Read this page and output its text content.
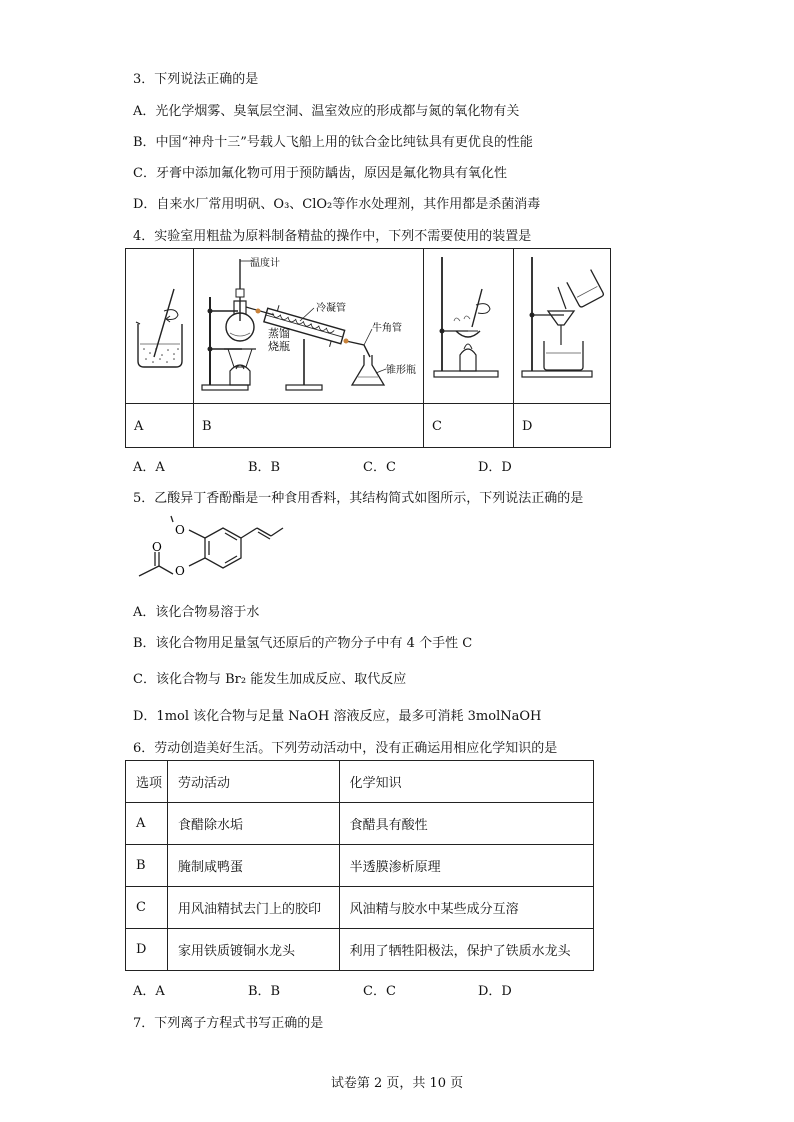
3．下列说法正确的是
A．光化学烟雾、臭氧层空洞、温室效应的形成都与氮的氧化物有关
B．中国“神舟十三”号载人飞船上用的钛合金比纯钛具有更优良的性能
C．牙膏中添加氟化物可用于预防龋齿，原因是氟化物具有氧化性
D．自来水厂常用明矾、O₃、ClO₂等作水处理剂，其作用都是杀菌消毒
4．实验室用粗盐为原料制备精盐的操作中，下列不需要使用的装置是
温度计
冷凝管
蒸馏
烧瓶
牛角管
锥形瓶
A	B	C	D
A．A	B．B	C．C	D．D
5．乙酸异丁香酚酯是一种食用香料，其结构简式如图所示，下列说法正确的是
O
O
O
A．该化合物易溶于水
B．该化合物用足量氢气还原后的产物分子中有 4 个手性 C
C．该化合物与 Br₂ 能发生加成反应、取代反应
D．1mol 该化合物与足量 NaOH 溶液反应，最多可消耗 3molNaOH
6．劳动创造美好生活。下列劳动活动中，没有正确运用相应化学知识的是
选项	劳动活动	化学知识
A	食醋除水垢	食醋具有酸性
B	腌制咸鸭蛋	半透膜渗析原理
C	用风油精拭去门上的胶印	风油精与胶水中某些成分互溶
D	家用铁质镀铜水龙头	利用了牺牲阳极法，保护了铁质水龙头
A．A	B．B	C．C	D．D
7．下列离子方程式书写正确的是
试卷第 2 页，共 10 页
